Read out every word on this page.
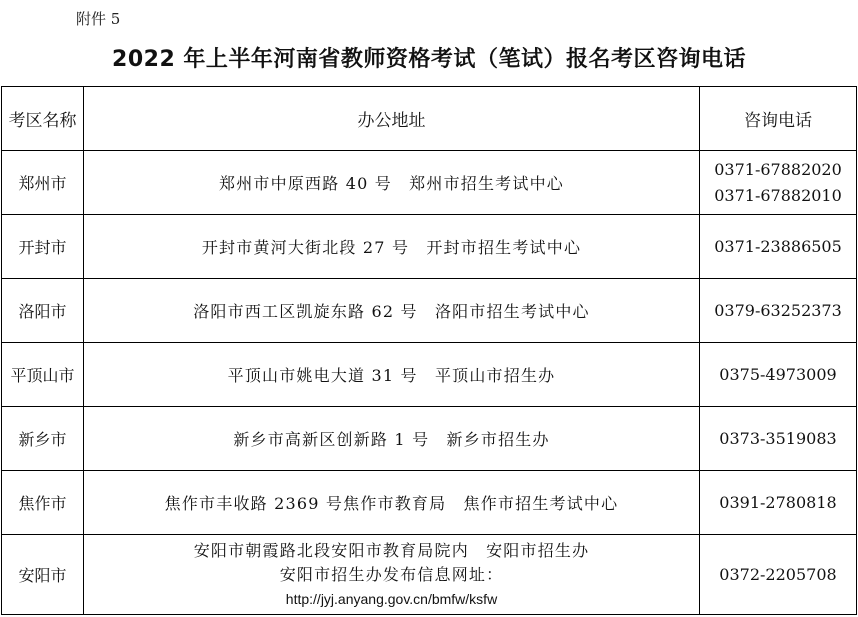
附件 5
2022 年上半年河南省教师资格考试（笔试）报名考区咨询电话
考区名称	办公地址	咨询电话
郑州市	郑州市中原西路 40 号　郑州市招生考试中心	0371-67882020
0371-67882010

开封市	开封市黄河大街北段 27 号　开封市招生考试中心	0371-23886505
洛阳市	洛阳市西工区凯旋东路 62 号　洛阳市招生考试中心	0379-63252373
平顶山市	平顶山市姚电大道 31 号　平顶山市招生办	0375-4973009
新乡市	新乡市高新区创新路 1 号　新乡市招生办	0373-3519083
焦作市	焦作市丰收路 2369 号焦作市教育局　焦作市招生考试中心	0391-2780818
安阳市	安阳市朝霞路北段安阳市教育局院内　安阳市招生办
安阳市招生办发布信息网址：
http://jyj.anyang.gov.cn/bmfw/ksfw	0372-2205708
